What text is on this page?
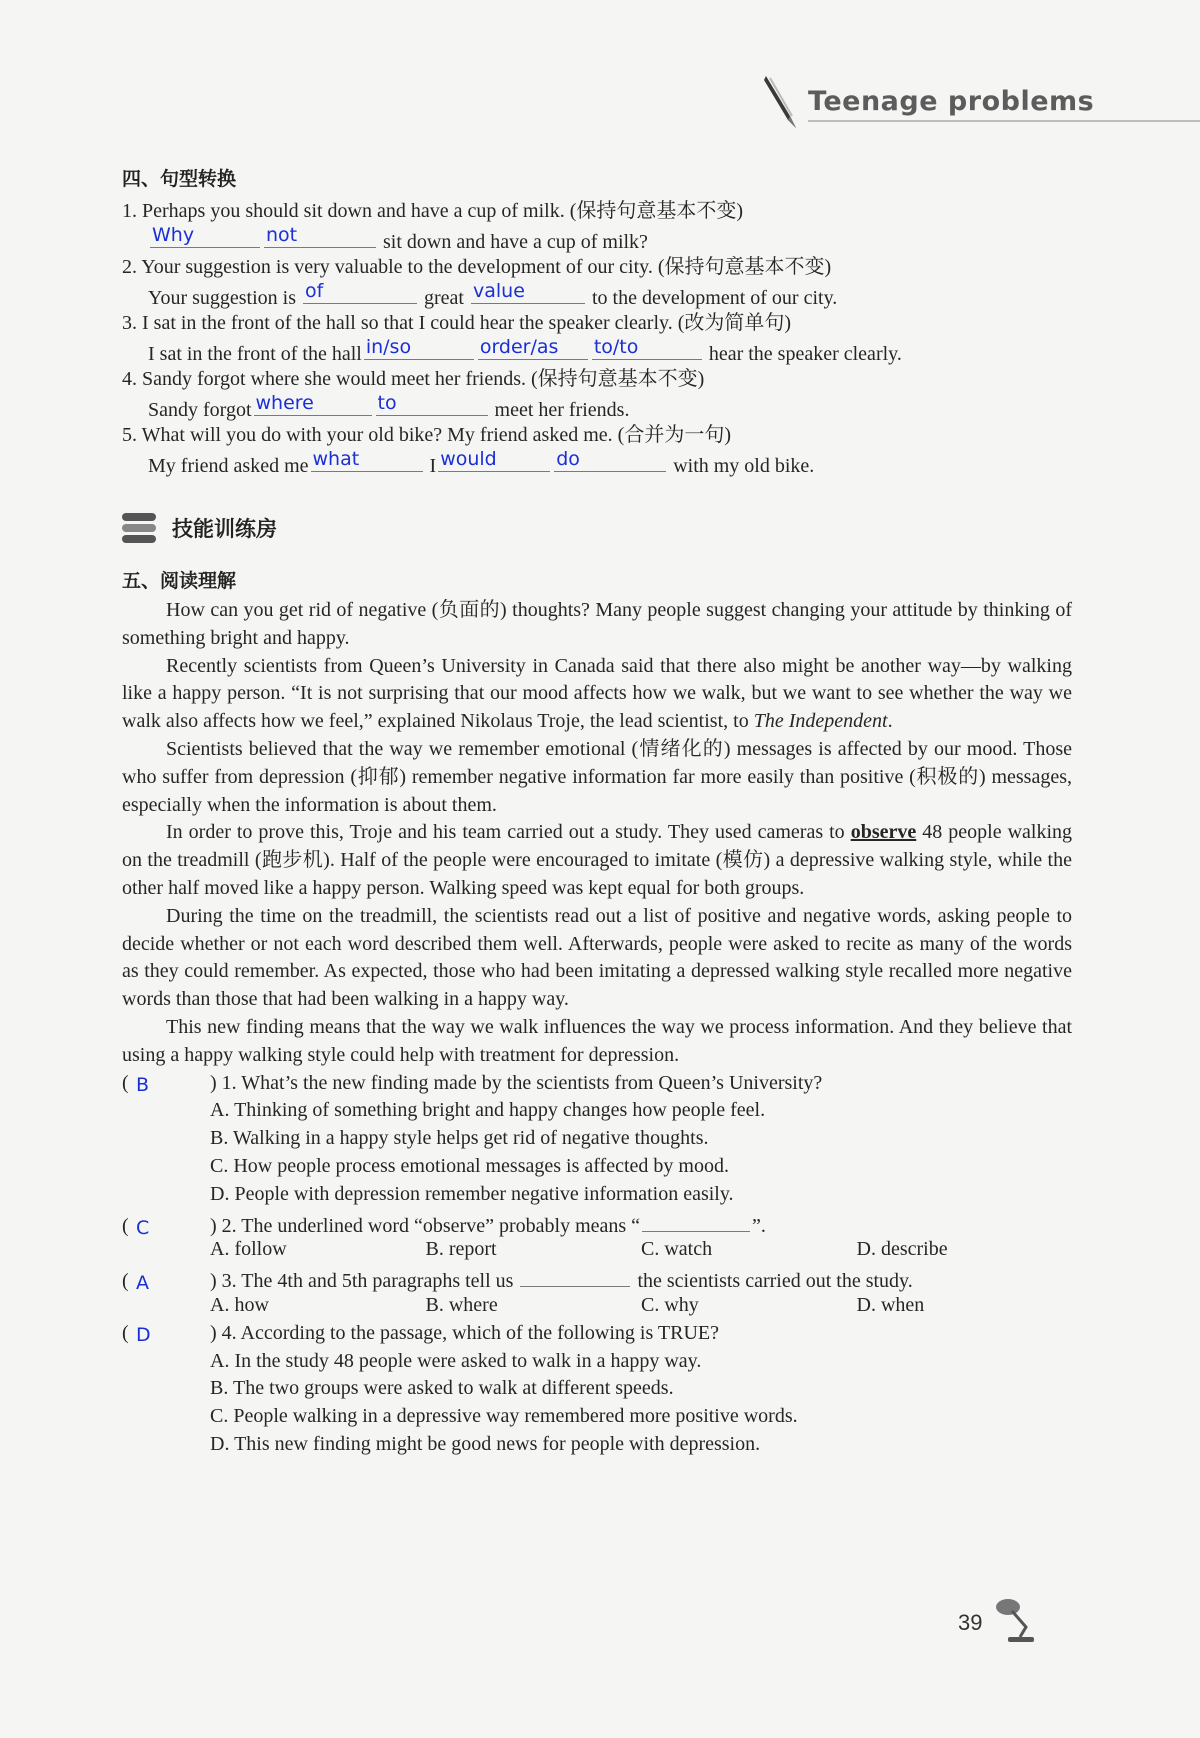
Teenage problems
四、句型转换
1. Perhaps you should sit down and have a cup of milk. (保持句意基本不变)
Why	not	sit down and have a cup of milk?
2. Your suggestion is very valuable to the development of our city. (保持句意基本不变)
Your suggestion is of	great value	to the development of our city.
3. I sat in the front of the hall so that I could hear the speaker clearly. (改为简单句)
I sat in the front of the hall in/so	order/as to/to	hear the speaker clearly.
4. Sandy forgot where she would meet her friends. (保持句意基本不变)
Sandy forgot where	to	meet her friends.
5. What will you do with your old bike? My friend asked me. (合并为一句)
My friend asked me what	I would	do	with my old bike.
技能训练房
五、阅读理解

How can you get rid of negative (负面的) thoughts? Many people suggest changing your attitude by thinking of something bright and happy.

Recently scientists from Queen’s University in Canada said that there also might be another way—by walking like a happy person. “It is not surprising that our mood affects how we walk, but we want to see whether the way we walk also affects how we feel,” explained Nikolaus Troje, the lead scientist, to The Independent.

Scientists believed that the way we remember emotional (情绪化的) messages is affected by our mood. Those who suffer from depression (抑郁) remember negative information far more easily than positive (积极的) messages, especially when the information is about them.

In order to prove this, Troje and his team carried out a study. They used cameras to observe 48 people walking on the treadmill (跑步机). Half of the people were encouraged to imitate (模仿) a depressive walking style, while the other half moved like a happy person. Walking speed was kept equal for both groups.

During the time on the treadmill, the scientists read out a list of positive and negative words, asking people to decide whether or not each word described them well. Afterwards, people were asked to recite as many of the words as they could remember. As expected, those who had been imitating a depressed walking style recalled more negative words than those that had been walking in a happy way.

This new finding means that the way we walk influences the way we process information. And they believe that using a happy walking style could help with treatment for depression.

( B	) 1. What’s the new finding made by the scientists from Queen’s University?
A. Thinking of something bright and happy changes how people feel.
B. Walking in a happy style helps get rid of negative thoughts.
C. How people process emotional messages is affected by mood.
D. People with depression remember negative information easily.
( C	) 2. The underlined word “observe” probably means “	”.
A. follow	B. report	C. watch	D. describe
( A	) 3. The 4th and 5th paragraphs tell us	the scientists carried out the study.
A. how	B. where	C. why	D. when
( D	) 4. According to the passage, which of the following is TRUE?
A. In the study 48 people were asked to walk in a happy way.
B. The two groups were asked to walk at different speeds.
C. People walking in a depressive way remembered more positive words.
D. This new finding might be good news for people with depression.
39
